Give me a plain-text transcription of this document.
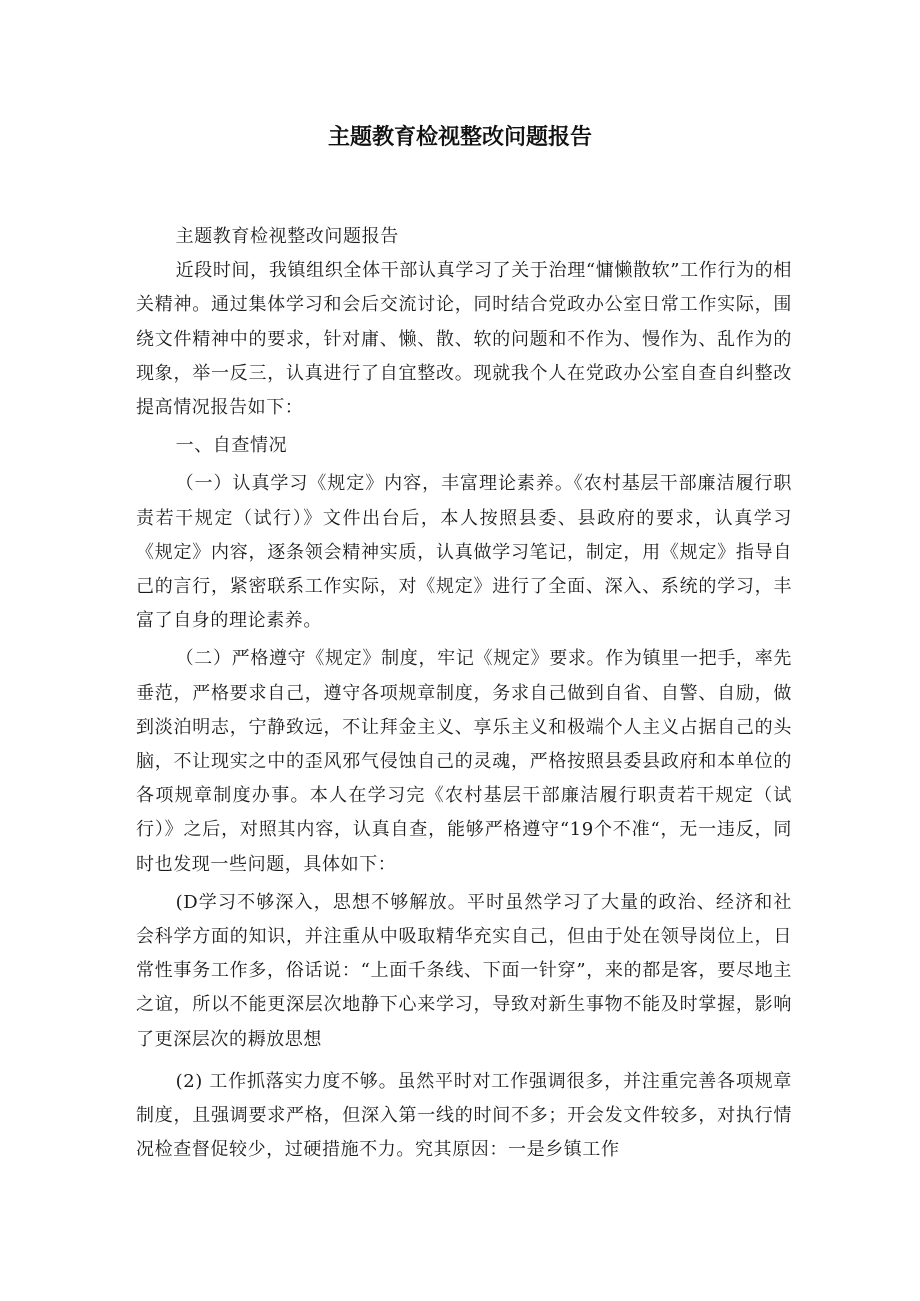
主题教育检视整改问题报告

主题教育检视整改问题报告

近段时间，我镇组织全体干部认真学习了关于治理“慵懒散软”工作行为的相关精神。通过集体学习和会后交流讨论，同时结合党政办公室日常工作实际，围绕文件精神中的要求，针对庸、懒、散、软的问题和不作为、慢作为、乱作为的现象，举一反三，认真进行了自宜整改。现就我个人在党政办公室自查自纠整改提高情况报告如下：

一、自查情况

（一）认真学习《规定》内容，丰富理论素养。《农村基层干部廉洁履行职责若干规定（试行）》文件出台后，本人按照县委、县政府的要求，认真学习《规定》内容，逐条领会精神实质，认真做学习笔记，制定，用《规定》指导自己的言行，紧密联系工作实际，对《规定》进行了全面、深入、系统的学习，丰富了自身的理论素养。

（二）严格遵守《规定》制度，牢记《规定》要求。作为镇里一把手，率先垂范，严格要求自己，遵守各项规章制度，务求自己做到自省、自警、自励，做到淡泊明志，宁静致远，不让拜金主义、享乐主义和极端个人主义占据自己的头脑，不让现实之中的歪风邪气侵蚀自己的灵魂，严格按照县委县政府和本单位的各项规章制度办事。本人在学习完《农村基层干部廉洁履行职责若干规定（试行）》之后，对照其内容，认真自查，能够严格遵守“19个不准“，无一违反，同时也发现一些问题，具体如下：

(D学习不够深入，思想不够解放。平时虽然学习了大量的政治、经济和社会科学方面的知识，并注重从中吸取精华充实自己，但由于处在领导岗位上，日常性事务工作多，俗话说：“上面千条线、下面一针穿”，来的都是客，要尽地主之谊，所以不能更深层次地静下心来学习，导致对新生事物不能及时掌握，影响了更深层次的耨放思想

(2) 工作抓落实力度不够。虽然平时对工作强调很多，并注重完善各项规章制度，且强调要求严格，但深入第一线的时间不多；开会发文件较多，对执行情况检查督促较少，过硬措施不力。究其原因：一是乡镇工作
